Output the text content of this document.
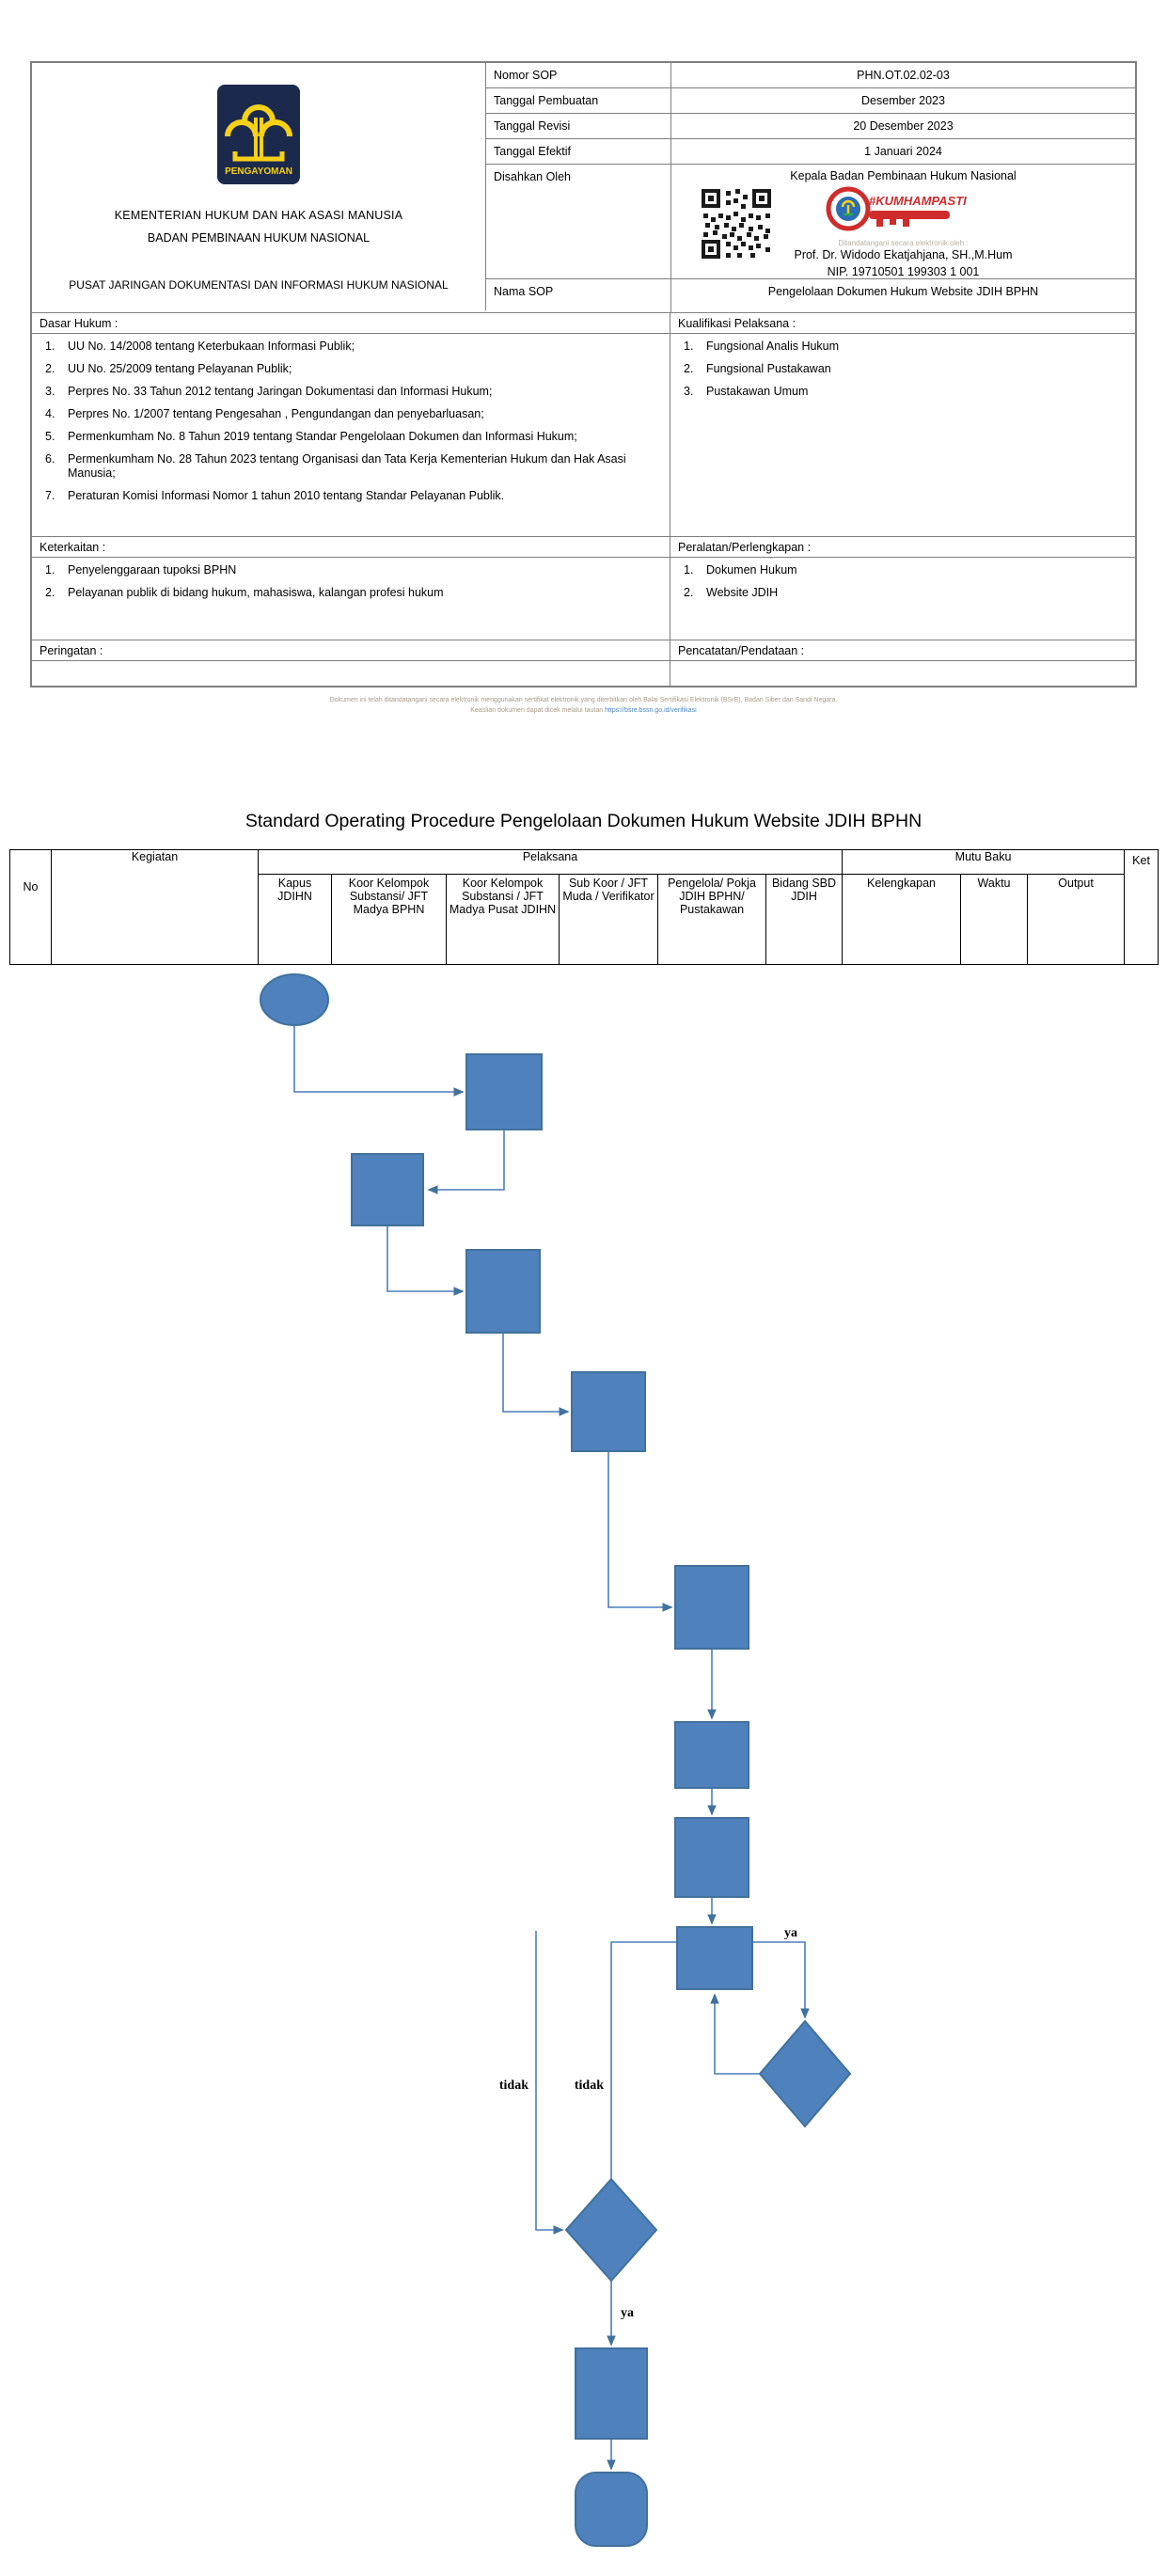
PENGAYOMAN
KEMENTERIAN HUKUM DAN HAK ASASI MANUSIA
BADAN PEMBINAAN HUKUM NASIONAL
PUSAT JARINGAN DOKUMENTASI DAN INFORMASI HUKUM NASIONAL
Nomor SOP	PHN.OT.02.02-03
Tanggal Pembuatan	Desember 2023
Tanggal Revisi	20 Desember 2023
Tanggal Efektif	1 Januari 2024
Disahkan Oleh	Kepala Badan Pembinaan Hukum Nasional
#KUMHAMPASTI
Ditandatangani secara elektronik oleh :
Prof. Dr. Widodo Ekatjahjana, SH.,M.Hum
NIP. 19710501 199303 1 001
Nama SOP	Pengelolaan Dokumen Hukum Website JDIH BPHN
Dasar Hukum :	Kualifikasi Pelaksana :
1.	UU No. 14/2008 tentang Keterbukaan Informasi Publik;
2.	UU No. 25/2009 tentang Pelayanan Publik;
3.	Perpres No. 33 Tahun 2012 tentang Jaringan Dokumentasi dan Informasi Hukum;
4.	Perpres No. 1/2007 tentang Pengesahan , Pengundangan dan penyebarluasan;
5.	Permenkumham No. 8 Tahun 2019 tentang Standar Pengelolaan Dokumen dan Informasi Hukum;
6.	Permenkumham No. 28 Tahun 2023 tentang Organisasi dan Tata Kerja Kementerian Hukum dan Hak Asasi Manusia;
7.	Peraturan Komisi Informasi Nomor 1 tahun 2010 tentang Standar Pelayanan Publik.
1.	Fungsional Analis Hukum
2.	Fungsional Pustakawan
3.	Pustakawan Umum
Keterkaitan :	Peralatan/Perlengkapan :
1.	Penyelenggaraan tupoksi BPHN
2.	Pelayanan publik di bidang hukum, mahasiswa, kalangan profesi hukum
1.	Dokumen Hukum
2.	Website JDIH
Peringatan :	Pencatatan/Pendataan :
Dokumen ini telah ditandatangani secara elektronik menggunakan sertifikat elektronik yang diterbitkan oleh Balai Sertifikasi Elektronik (BSrE), Badan Siber dan Sandi Negara.
Keaslian dokumen dapat dicek melalui tautan https://bsre.bssn.go.id/verifikasi
Standard Operating Procedure Pengelolaan Dokumen Hukum Website JDIH BPHN
No	Kegiatan	Pelaksana						Mutu Baku			Ket
		Kapus JDIHN	Koor Kelompok Substansi/ JFT Madya BPHN	Koor Kelompok Substansi / JFT Madya Pusat JDIHN	Sub Koor / JFT Muda / Verifikator	Pengelola/ Pokja JDIH BPHN/ Pustakawan	Bidang SBD JDIH	Kelengkapan	Waktu	Output	
ya
tidak	tidak
ya
